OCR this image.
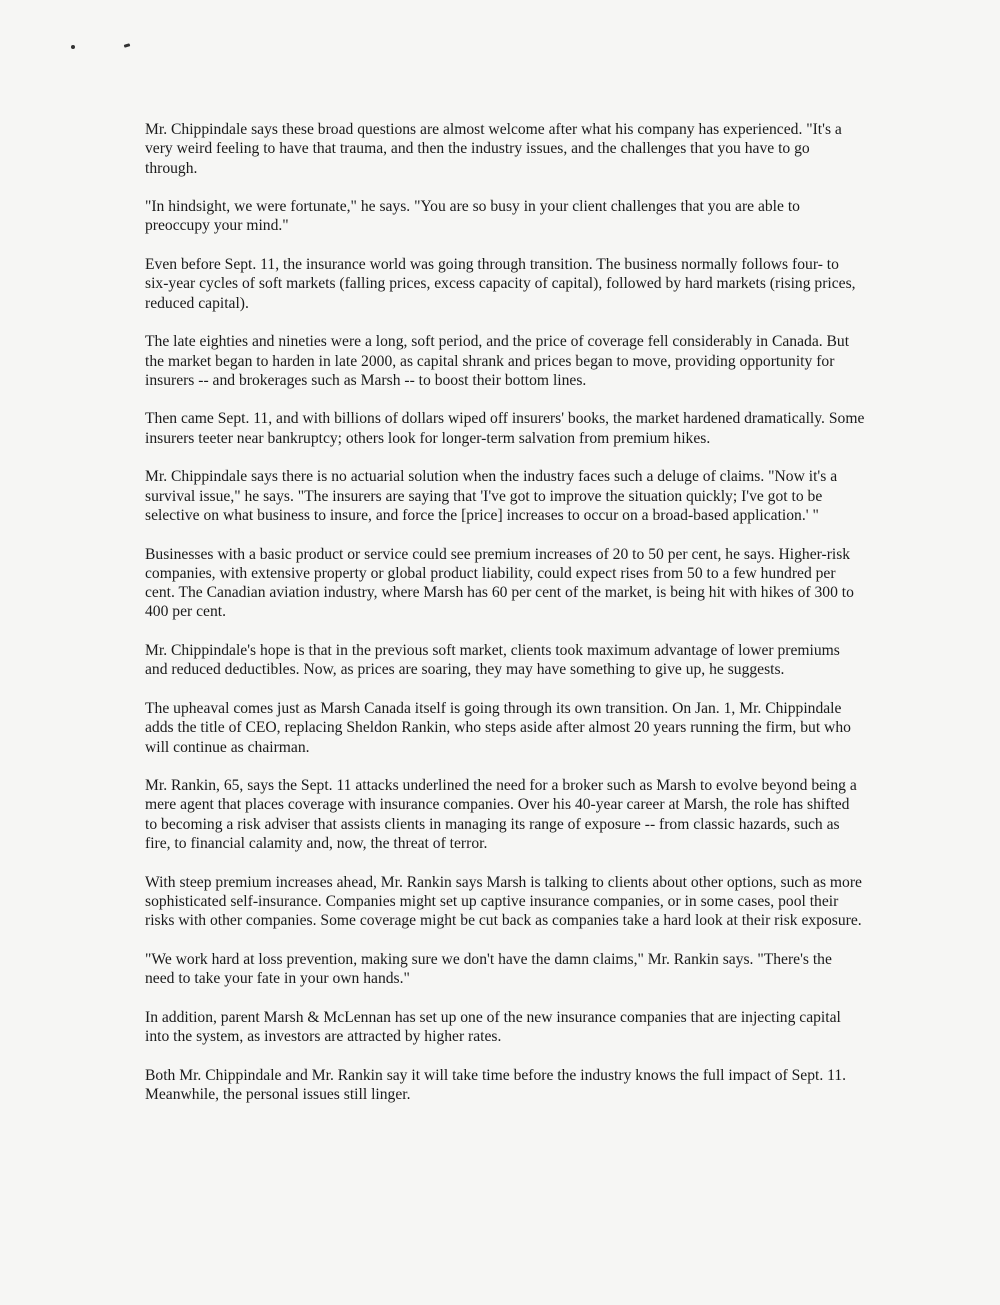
Mr. Chippindale says these broad questions are almost welcome after what his company has experienced. "It's a very weird feeling to have that trauma, and then the industry issues, and the challenges that you have to go through.

"In hindsight, we were fortunate," he says. "You are so busy in your client challenges that you are able to preoccupy your mind."

Even before Sept. 11, the insurance world was going through transition. The business normally follows four- to six-year cycles of soft markets (falling prices, excess capacity of capital), followed by hard markets (rising prices, reduced capital).

The late eighties and nineties were a long, soft period, and the price of coverage fell considerably in Canada. But the market began to harden in late 2000, as capital shrank and prices began to move, providing opportunity for insurers -- and brokerages such as Marsh -- to boost their bottom lines.

Then came Sept. 11, and with billions of dollars wiped off insurers' books, the market hardened dramatically. Some insurers teeter near bankruptcy; others look for longer-term salvation from premium hikes.

Mr. Chippindale says there is no actuarial solution when the industry faces such a deluge of claims. "Now it's a survival issue," he says. "The insurers are saying that 'I've got to improve the situation quickly; I've got to be selective on what business to insure, and force the [price] increases to occur on a broad-based application.' "

Businesses with a basic product or service could see premium increases of 20 to 50 per cent, he says. Higher-risk companies, with extensive property or global product liability, could expect rises from 50 to a few hundred per cent. The Canadian aviation industry, where Marsh has 60 per cent of the market, is being hit with hikes of 300 to 400 per cent.

Mr. Chippindale's hope is that in the previous soft market, clients took maximum advantage of lower premiums and reduced deductibles. Now, as prices are soaring, they may have something to give up, he suggests.

The upheaval comes just as Marsh Canada itself is going through its own transition. On Jan. 1, Mr. Chippindale adds the title of CEO, replacing Sheldon Rankin, who steps aside after almost 20 years running the firm, but who will continue as chairman.

Mr. Rankin, 65, says the Sept. 11 attacks underlined the need for a broker such as Marsh to evolve beyond being a mere agent that places coverage with insurance companies. Over his 40-year career at Marsh, the role has shifted to becoming a risk adviser that assists clients in managing its range of exposure -- from classic hazards, such as fire, to financial calamity and, now, the threat of terror.

With steep premium increases ahead, Mr. Rankin says Marsh is talking to clients about other options, such as more sophisticated self-insurance. Companies might set up captive insurance companies, or in some cases, pool their risks with other companies. Some coverage might be cut back as companies take a hard look at their risk exposure.

"We work hard at loss prevention, making sure we don't have the damn claims," Mr. Rankin says. "There's the need to take your fate in your own hands."

In addition, parent Marsh & McLennan has set up one of the new insurance companies that are injecting capital into the system, as investors are attracted by higher rates.

Both Mr. Chippindale and Mr. Rankin say it will take time before the industry knows the full impact of Sept. 11. Meanwhile, the personal issues still linger.
